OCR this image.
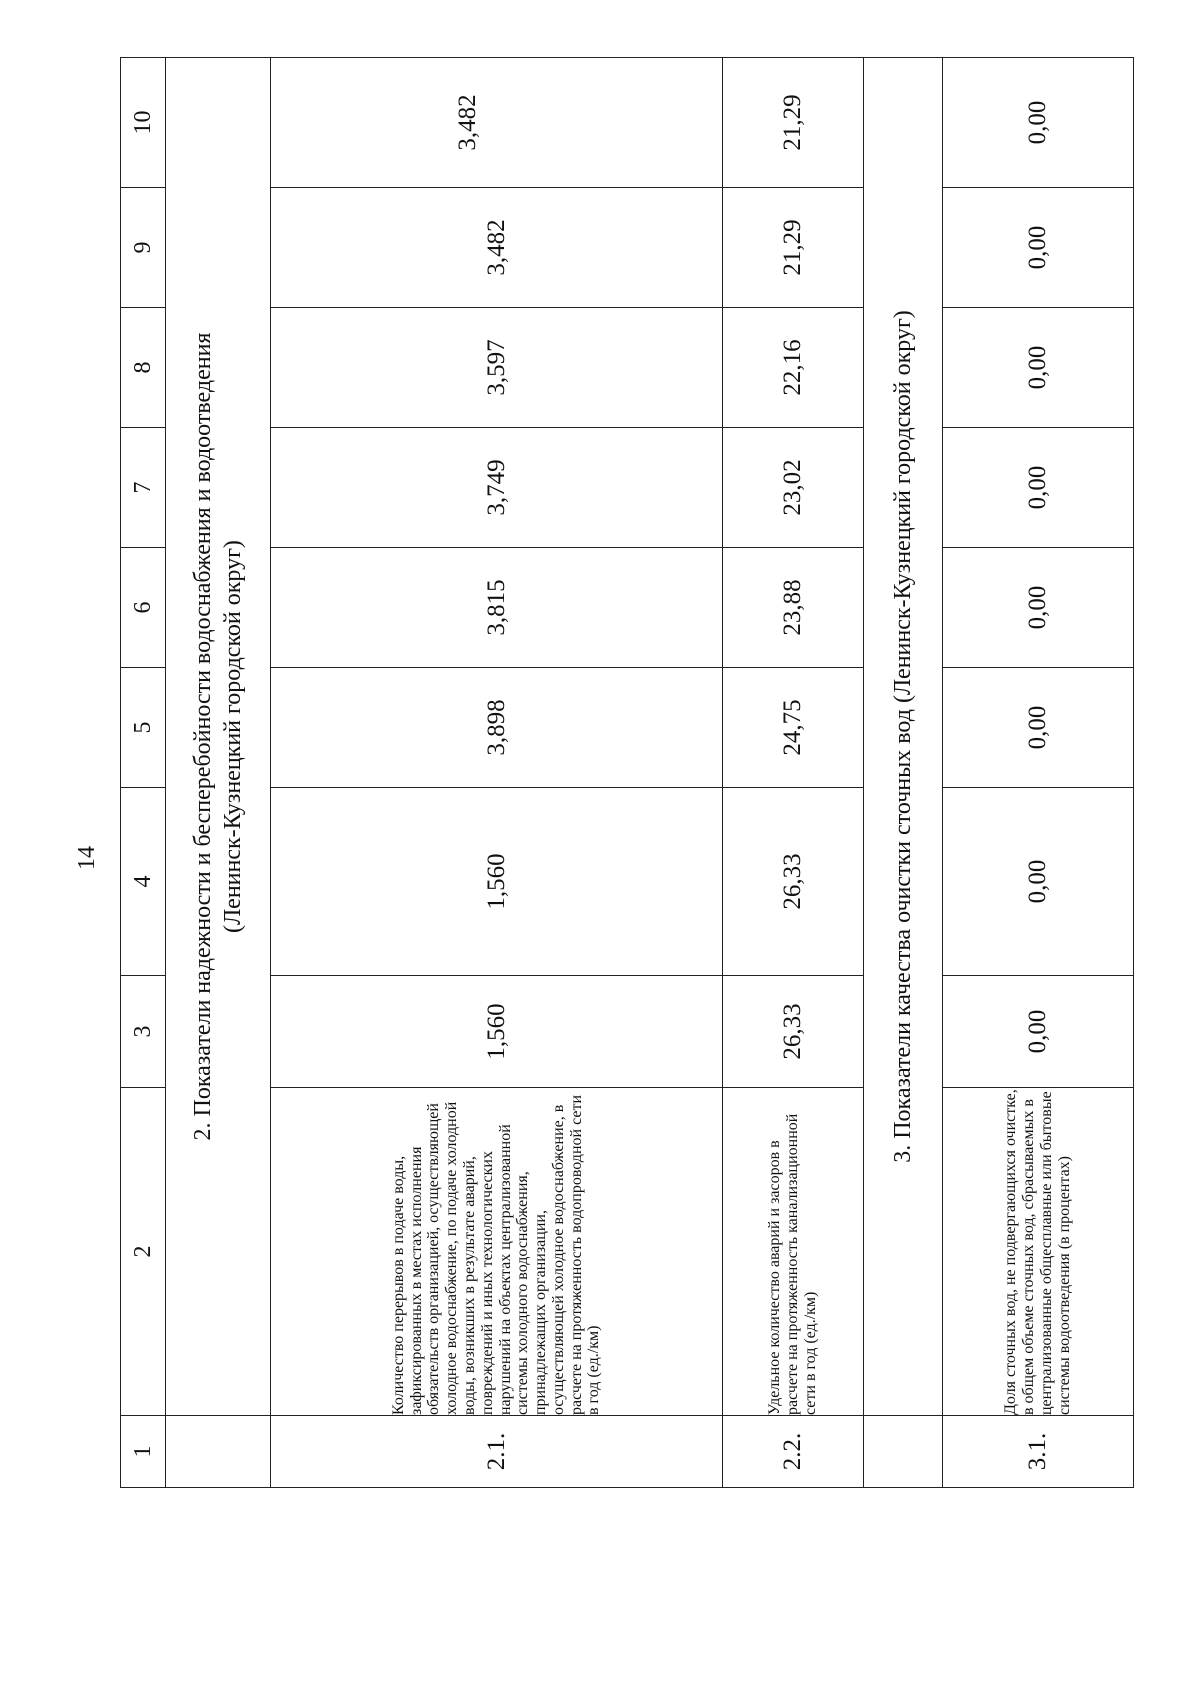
14
1	2	3	4	5	6	7	8	9	10

	2. Показатели надежности и бесперебойности водоснабжения и водоотведения (Ленинск-Кузнецкий городской округ)								

2.1.	Количество перерывов в подаче воды, зафиксированных в местах исполнения обязательств организацией, осуществляющей холодное водоснабжение, по подаче холодной воды, возникших в результате аварий, повреждений и иных технологических нарушений на объектах централизованной системы холодного водоснабжения, принадлежащих организации, осуществляющей холодное водоснабжение, в расчете на протяженность водопроводной сети в год (ед./км)	1,560	1,560	3,898	3,815	3,749	3,597	3,482	3,482
2.2.	Удельное количество аварий и засоров в расчете на протяженность канализационной сети в год (ед./км)	26,33	26,33	24,75	23,88	23,02	22,16	21,29	21,29
	3. Показатели качества очистки сточных вод (Ленинск-Кузнецкий городской округ)								
3.1.	Доля сточных вод, не подвергающихся очистке, в общем объеме сточных вод, сбрасываемых в централизованные общесплавные или бытовые системы водоотведения (в процентах)	0,00	0,00	0,00	0,00	0,00	0,00	0,00	0,00
